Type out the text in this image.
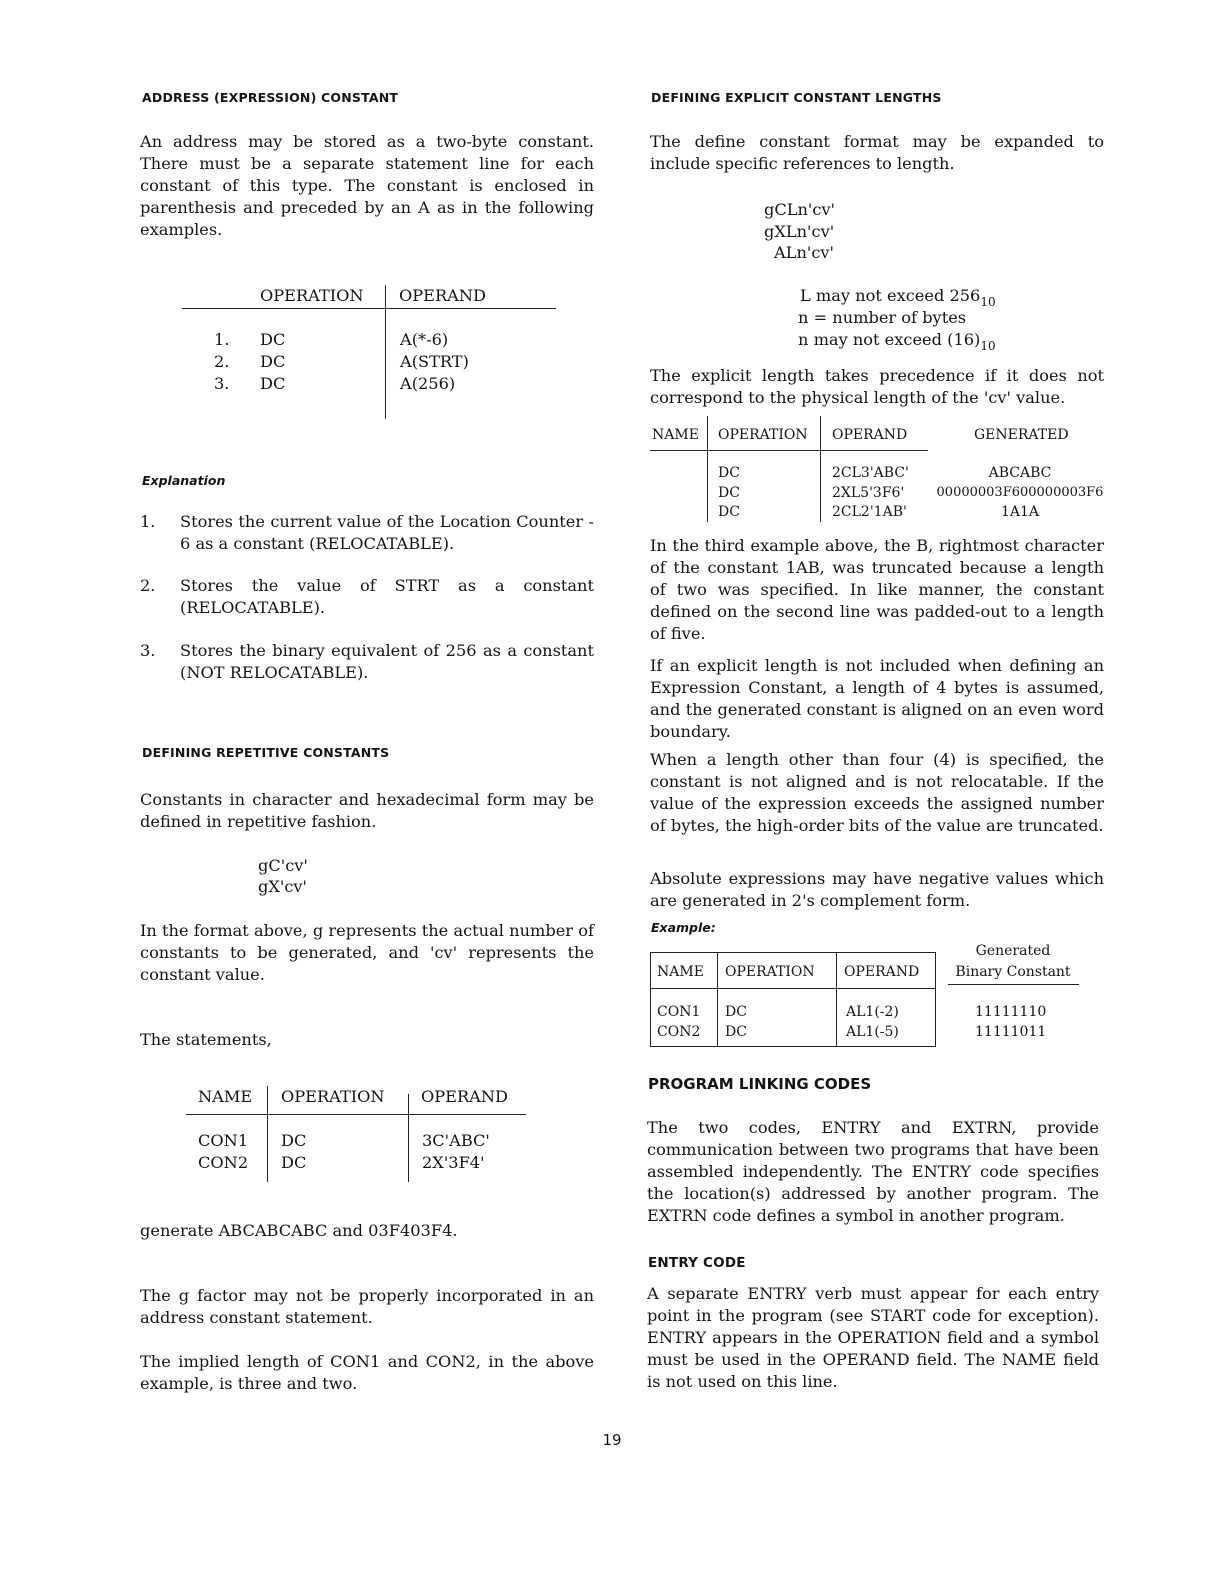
ADDRESS (EXPRESSION) CONSTANT

An address may be stored as a two-byte constant. There must be a separate statement line for each constant of this type. The constant is enclosed in parenthesis and preceded by an A as in the following examples.

OPERATION OPERAND
1. DC	A(*-6)
2. DC	A(STRT)
3. DC	A(256)
Explanation
1. Stores the current value of the Location Counter - 6 as a constant (RELOCATABLE).

2. Stores the value of STRT as a constant (RELOCATABLE).

3. Stores the binary equivalent of 256 as a constant (NOT RELOCATABLE).

DEFINING REPETITIVE CONSTANTS

Constants in character and hexadecimal form may be defined in repetitive fashion.

gC'cv'
gX'cv'

In the format above, g represents the actual number of constants to be generated, and 'cv' represents the constant value.

The statements,
NAME OPERATION OPERAND
CON1 DC	3C'ABC'
CON2 DC	2X'3F4'
generate ABCABCABC and 03F403F4.

The g factor may not be properly incorporated in an address constant statement.

The implied length of CON1 and CON2, in the above example, is three and two.

DEFINING EXPLICIT CONSTANT LENGTHS

The define constant format may be expanded to include specific references to length.

gCLn'cv'
gXLn'cv'
ALn'cv'
L may not exceed $256_{10}$
n = number of bytes
n may not exceed $(16)_{10}$

The explicit length takes precedence if it does not correspond to the physical length of the 'cv' value.

NAME OPERATION OPERAND	GENERATED
DC	2CL3'ABC'	ABCABC
DC	2XL5'3F6'	00000003F600000003F6
DC	2CL2'1AB'	1A1A

In the third example above, the B, rightmost character of the constant 1AB, was truncated because a length of two was specified. In like manner, the constant defined on the second line was padded-out to a length of five.

If an explicit length is not included when defining an Expression Constant, a length of 4 bytes is assumed, and the generated constant is aligned on an even word boundary.

When a length other than four (4) is specified, the constant is not aligned and is not relocatable. If the value of the expression exceeds the assigned number of bytes, the high-order bits of the value are truncated.

Absolute expressions may have negative values which are generated in 2's complement form.

Example:
Generated
Binary Constant
NAME OPERATION OPERAND
CON1 DC	AL1(-2)	11111110
CON2 DC	AL1(-5)	11111011
PROGRAM LINKING CODES

The two codes, ENTRY and EXTRN, provide communication between two programs that have been assembled independently. The ENTRY code specifies the location(s) addressed by another program. The EXTRN code defines a symbol in another program.

ENTRY CODE

A separate ENTRY verb must appear for each entry point in the program (see START code for exception). ENTRY appears in the OPERATION field and a symbol must be used in the OPERAND field. The NAME field is not used on this line.

19
